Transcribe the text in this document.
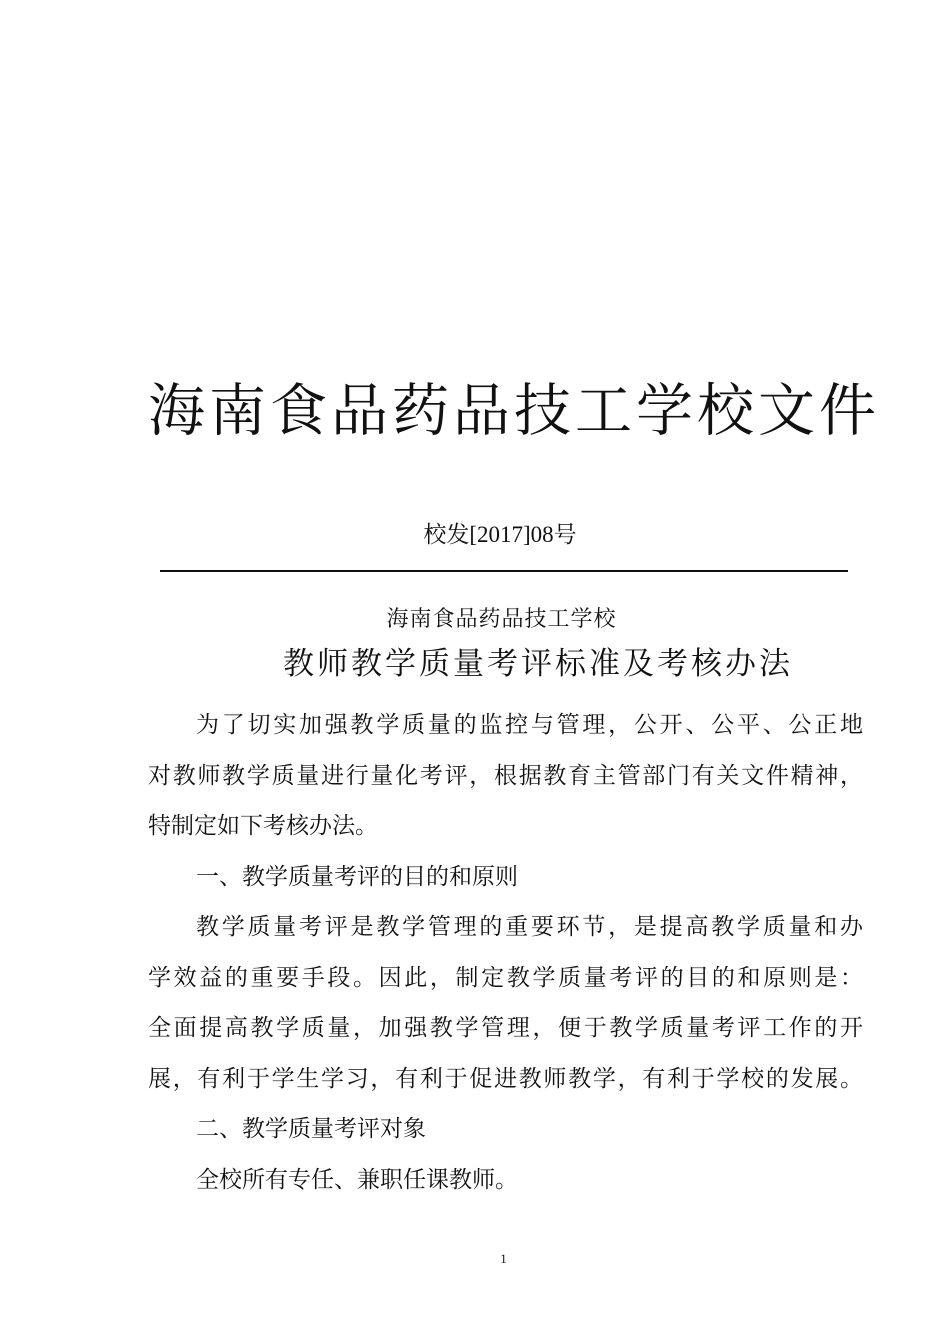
海南食品药品技工学校文件
校发[2017]08号
海南食品药品技工学校
教师教学质量考评标准及考核办法
为了切实加强教学质量的监控与管理，公开、公平、公正地
对教师教学质量进行量化考评，根据教育主管部门有关文件精神，
特制定如下考核办法。
一、教学质量考评的目的和原则
教学质量考评是教学管理的重要环节，是提高教学质量和办
学效益的重要手段。因此，制定教学质量考评的目的和原则是：
全面提高教学质量，加强教学管理，便于教学质量考评工作的开
展，有利于学生学习，有利于促进教师教学，有利于学校的发展。
二、教学质量考评对象
全校所有专任、兼职任课教师。
1
